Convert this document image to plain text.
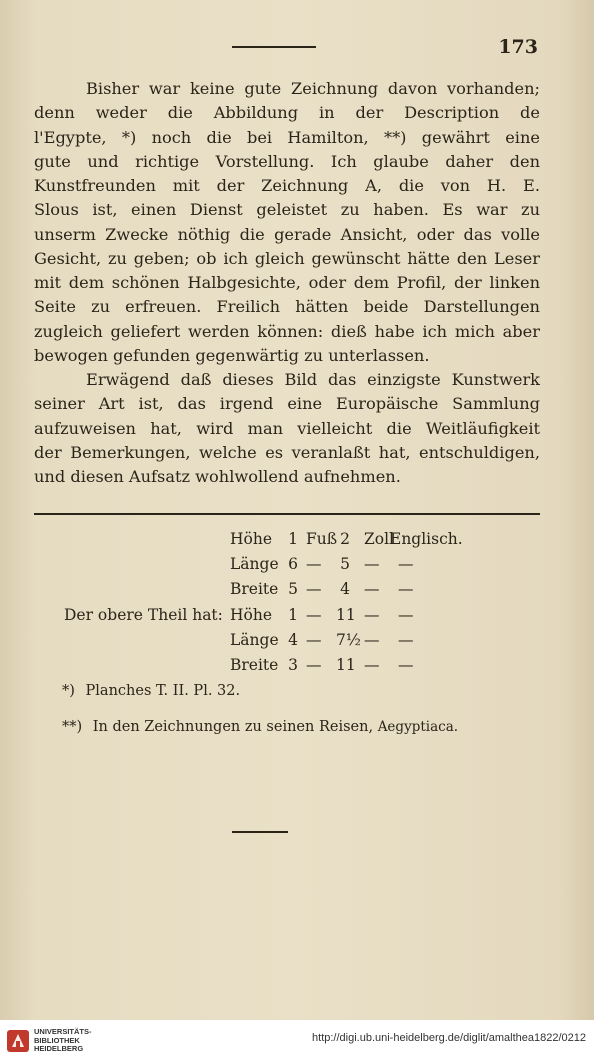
173
Bisher war keine gute Zeichnung davon vorhanden;
denn weder die Abbildung in der Description de
l'Egypte, *) noch die bei Hamilton, **) gewährt eine
gute und richtige Vorstellung. Ich glaube daher den
Kunstfreunden mit der Zeichnung A, die von H. E.
Slous ist, einen Dienst geleistet zu haben. Es war zu
unserm Zwecke nöthig die gerade Ansicht, oder das volle
Gesicht, zu geben; ob ich gleich gewünscht hätte den Leser
mit dem schönen Halbgesichte, oder dem Profil, der linken
Seite zu erfreuen. Freilich hätten beide Darstellungen
zugleich geliefert werden können: dieß habe ich mich aber
bewogen gefunden gegenwärtig zu unterlassen.
Erwägend daß dieses Bild das einzigste Kunstwerk
seiner Art ist, das irgend eine Europäische Sammlung
aufzuweisen hat, wird man vielleicht die Weitläufigkeit
der Bemerkungen, welche es veranlaßt hat, entschuldigen,
und diesen Aufsatz wohlwollend aufnehmen.
Höhe 1 Fuß 2 Zoll
Englisch.
Länge 6 — 5 — —
Breite 5 — 4 — —
Der obere Theil hat: Höhe 1 — 11 — —
Länge 4 — 7½ — —
Breite 3 — 11 — —
*) Planches T. II. Pl. 32.
**) In den Zeichnungen zu seinen Reisen, Aegyptiaca.
UNIVERSITÄTS-
BIBLIOTHEK
HEIDELBERG
http://digi.ub.uni-heidelberg.de/diglit/amalthea1822/0212
